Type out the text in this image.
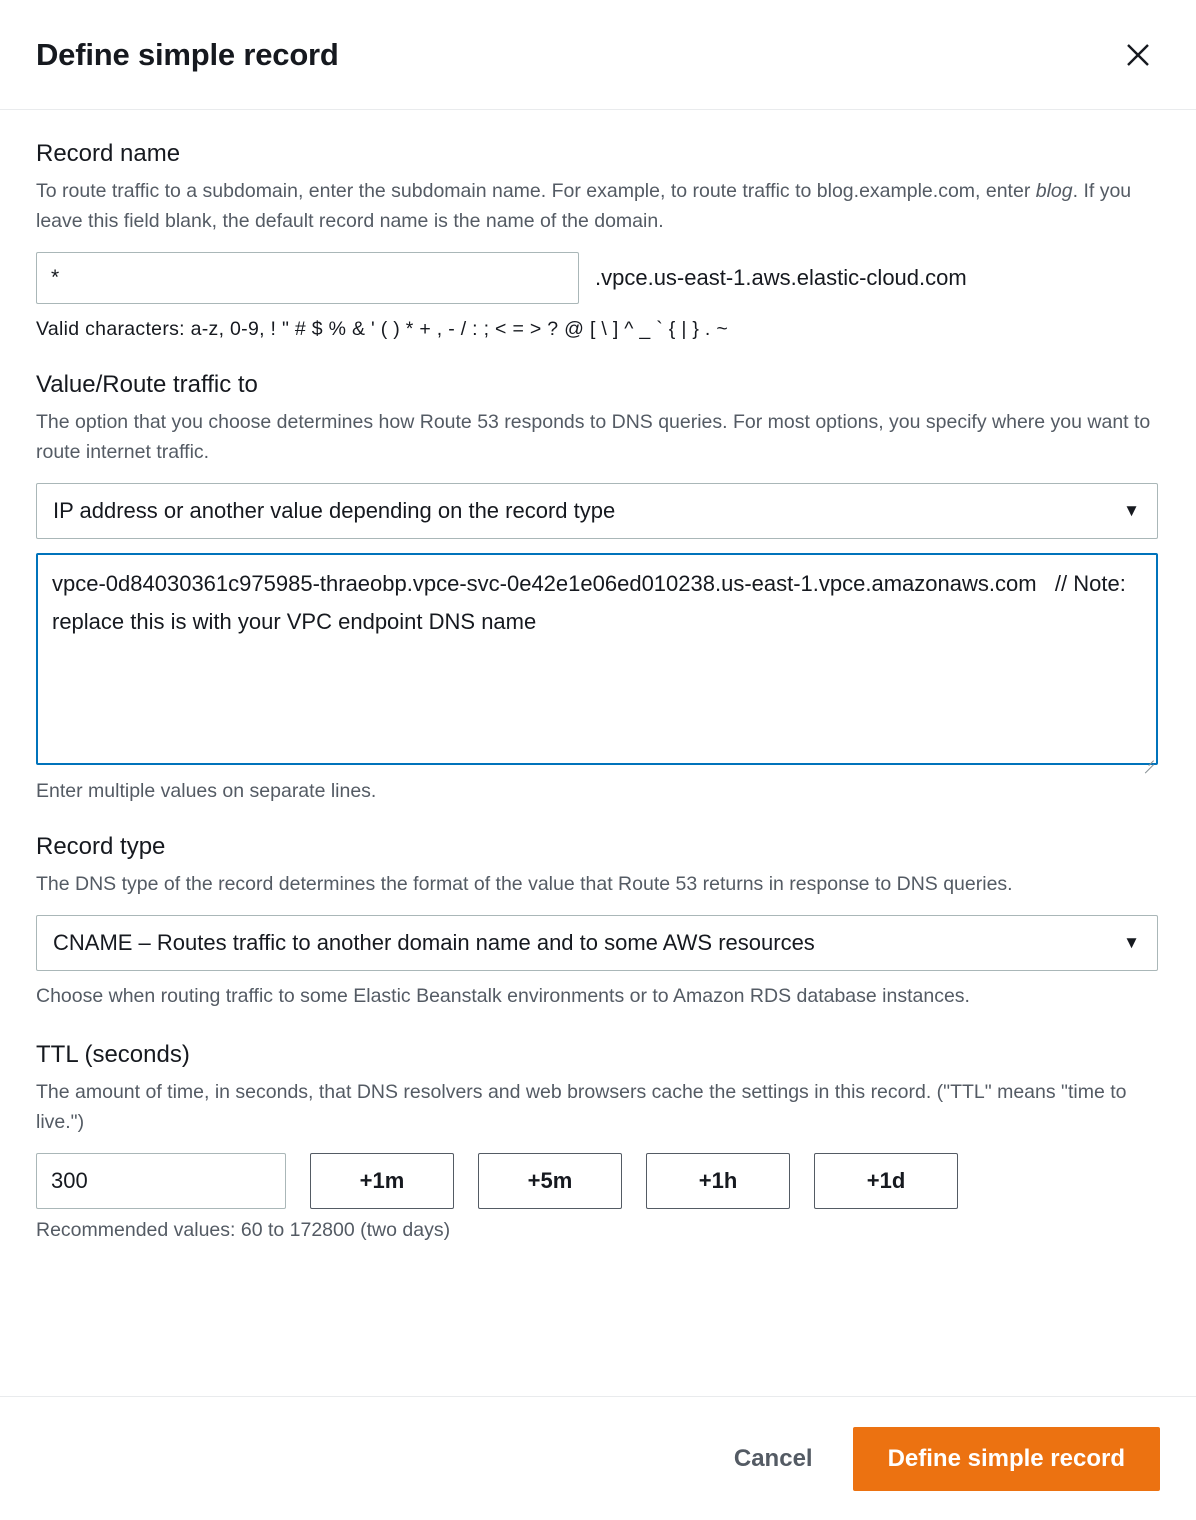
Define simple record
Record name
To route traffic to a subdomain, enter the subdomain name. For example, to route traffic to blog.example.com, enter blog. If you leave this field blank, the default record name is the name of the domain.
*
.vpce.us-east-1.aws.elastic-cloud.com
Valid characters: a-z, 0-9, ! " # $ % & ' ( ) * + , - / : ; < = > ? @ [ \ ] ^ _ ` { | } . ~
Value/Route traffic to
The option that you choose determines how Route 53 responds to DNS queries. For most options, you specify where you want to route internet traffic.
IP address or another value depending on the record type	▼
vpce-0d84030361c975985-thraeobp.vpce-svc-0e42e1e06ed010238.us-east-1.vpce.amazonaws.com // Note: replace this is with your VPC endpoint DNS name
Enter multiple values on separate lines.
Record type
The DNS type of the record determines the format of the value that Route 53 returns in response to DNS queries.
CNAME – Routes traffic to another domain name and to some AWS resources	▼
Choose when routing traffic to some Elastic Beanstalk environments or to Amazon RDS database instances.
TTL (seconds)
The amount of time, in seconds, that DNS resolvers and web browsers cache the settings in this record. ("TTL" means "time to live.")
300
+1m	+5m	+1h	+1d
Recommended values: 60 to 172800 (two days)
Cancel	Define simple record
